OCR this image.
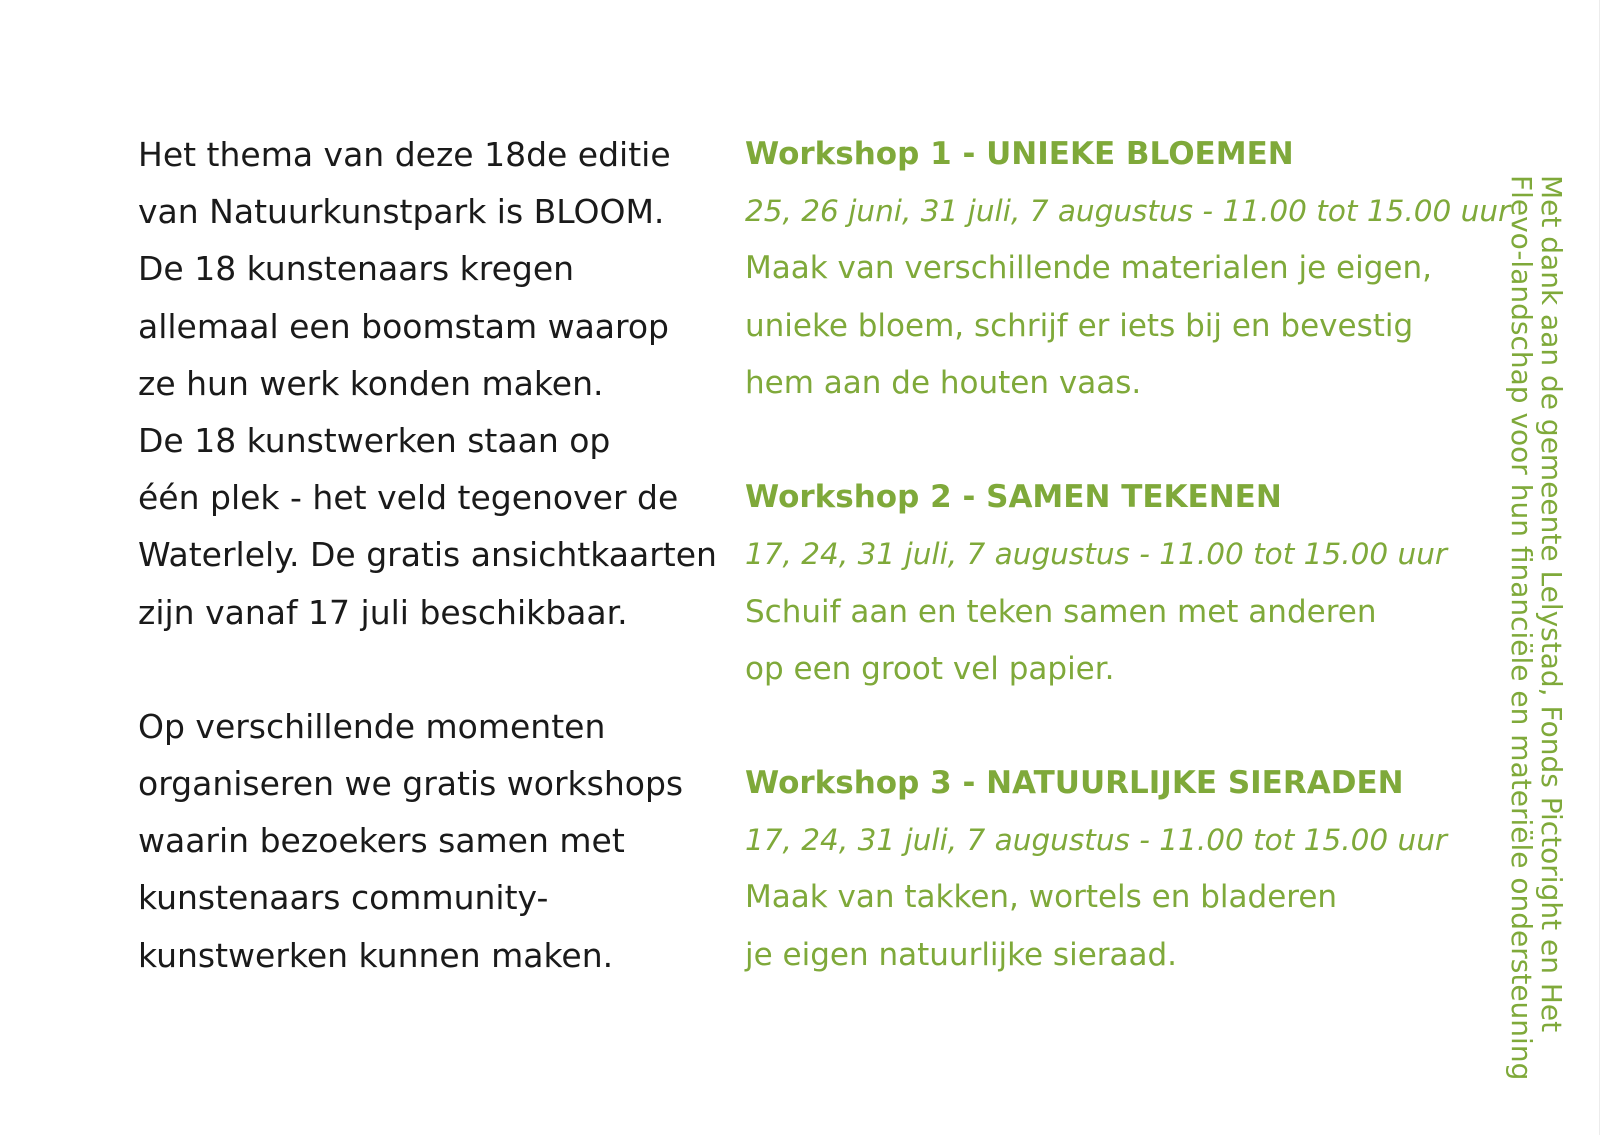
Het thema van deze 18de editie
van Natuurkunstpark is BLOOM.
De 18 kunstenaars kregen
allemaal een boomstam waarop
ze hun werk konden maken.
De 18 kunstwerken staan op
één plek - het veld tegenover de
Waterlely. De gratis ansichtkaarten
zijn vanaf 17 juli beschikbaar.
Op verschillende momenten
organiseren we gratis workshops
waarin bezoekers samen met
kunstenaars community-
kunstwerken kunnen maken.
Workshop 1 - UNIEKE BLOEMEN
25, 26 juni, 31 juli, 7 augustus - 11.00 tot 15.00 uur
Maak van verschillende materialen je eigen,
unieke bloem, schrijf er iets bij en bevestig
hem aan de houten vaas.
Workshop 2 - SAMEN TEKENEN
17, 24, 31 juli, 7 augustus - 11.00 tot 15.00 uur
Schuif aan en teken samen met anderen
op een groot vel papier.
Workshop 3 - NATUURLIJKE SIERADEN
17, 24, 31 juli, 7 augustus - 11.00 tot 15.00 uur
Maak van takken, wortels en bladeren
je eigen natuurlijke sieraad.	Met dank aan de gemeente Lelystad, Fonds Pictoright en Het
Flevo-landschap voor hun financiële en materiële ondersteuning
